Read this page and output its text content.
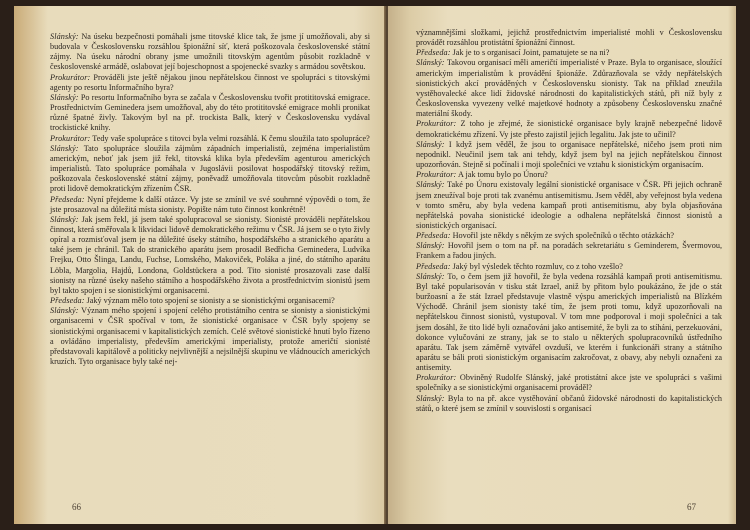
Slánský: Na úseku bezpečnosti pomáhali jsme titovské klice tak, že jsme jí umožňovali, aby si budovala v Československu rozsáhlou špionážní síť, která poškozovala československé státní zájmy. Na úseku národní obrany jsme umožnili titovským agentům působit rozkladně v československé armádě, oslabovat její bojeschopnost a spojenecké svazky s armádou sovětskou.

Prokurátor: Prováděli jste ještě nějakou jinou nepřátelskou činnost ve spolupráci s titovskými agenty po resortu Informačního byra?

Slánský: Po resortu Informačního byra se začala v Československu tvořit protititovská emigrace. Prostřednictvím Geminedera jsem umožňoval, aby do této protititovské emigrace mohli pronikat různé špatné živly. Takovým byl na př. trockista Balk, který v Československu vydával trockistické knihy.

Prokurátor: Tedy vaše spolupráce s titovci byla velmi rozsáhlá. K čemu sloužila tato spolupráce?

Slánský: Tato spolupráce sloužila zájmům západních imperialistů, zejména imperialistům americkým, neboť jak jsem již řekl, titovská klika byla především agenturou amerických imperialistů. Tato spolupráce pomáhala v Jugoslávii posilovat hospodářský titovský režim, poškozovala československé státní zájmy, poněvadž umožňovala titovcům působit rozkladně proti lidově demokratickým zřízením ČSR.

Předseda: Nyní přejdeme k další otázce. Vy jste se zmínil ve své souhrnné výpovědi o tom, že jste prosazoval na důležitá místa sionisty. Popište nám tuto činnost konkrétně!

Slánský: Jak jsem řekl, já jsem také spolupracoval se sionisty. Sionisté prováděli nepřátelskou činnost, která směřovala k likvidaci lidově demokratického režimu v ČSR. Já jsem se o tyto živly opíral a rozmisťoval jsem je na důležité úseky státního, hospodářského a stranického aparátu a také jsem je chránil. Tak do stranického aparátu jsem prosadil Bedřicha Geminedera, Ludvíka Frejku, Otto Šlinga, Landu, Fuchse, Lomského, Makoviček, Poláka a jiné, do státního aparátu Löbla, Margolia, Hajdů, Londona, Goldstückera a pod. Tito sionisté prosazovali zase další sionisty na různé úseky našeho státního a hospodářského života a prostřednictvím sionistů jsem byl takto spojen i se sionistickými organisacemi.

Předseda: Jaký význam mělo toto spojení se sionisty a se sionistickými organisacemi?

Slánský: Význam mého spojení i spojení celého protistátního centra se sionisty a sionistickými organisacemi v ČSR spočíval v tom, že sionistické organisace v ČSR byly spojeny se sionistickými organisacemi v kapitalistických zemích. Celé světové sionistické hnutí bylo řízeno a ovládáno imperialisty, především americkými imperialisty, protože američtí sionisté představovali kapitálově a politicky nejvlivnější a nejsilnější skupinu ve vládnoucích amerických kruzích. Tyto organisace byly také nej-

66

významnějšími složkami, jejichž prostřednictvím imperialisté mohli v Československu provádět rozsáhlou protistátní špionážní činnost.

Předseda: Jak je to s organisací Joint, pamatujete se na ni?

Slánský: Takovou organisací měli američtí imperialisté v Praze. Byla to organisace, sloužící americkým imperialistům k provádění špionáže. Zdůrazňovala se vždy nepřátelských sionistických akcí prováděných v Československu sionisty. Tak na příklad zneužila vystěhovalecké akce lidí židovské národnosti do kapitalistických států, při níž byly z Československa vyvezeny velké majetkové hodnoty a způsobeny Československu značné materiální škody.

Prokurátor: Z toho je zřejmé, že sionistické organisace byly krajně nebezpečné lidově demokratickému zřízení. Vy jste přesto zajistil jejich legalitu. Jak jste to učinil?

Slánský: I když jsem věděl, že jsou to organisace nepřátelské, ničeho jsem proti nim nepodnikl. Neučinil jsem tak ani tehdy, když jsem byl na jejich nepřátelskou činnost upozorňován. Stejně si počínali i moji společníci ve vztahu k sionistickým organisacím.

Prokurátor: A jak tomu bylo po Únoru?

Slánský: Také po Únoru existovaly legální sionistické organisace v ČSR. Při jejich ochraně jsem zneužíval boje proti tak zvanému antisemitismu. Jsem věděl, aby veřejnost byla vedena v tomto směru, aby byla vedena kampaň proti antisemitismu, aby byla objasňována nepřátelská povaha sionistické ideologie a odhalena nepřátelská činnost sionistů a sionistických organisací.

Předseda: Hovořil jste někdy s někým ze svých společníků o těchto otázkách?

Slánský: Hovořil jsem o tom na př. na poradách sekretariátu s Geminderem, Švermovou, Frankem a řadou jiných.

Předseda: Jaký byl výsledek těchto rozmluv, co z toho vzešlo?

Slánský: To, o čem jsem již hovořil, že byla vedena rozsáhlá kampaň proti antisemitismu. Byl také popularisován v tisku stát Izrael, aniž by přitom bylo poukázáno, že jde o stát buržoasní a že stát Izrael představuje vlastně výspu amerických imperialistů na Blízkém Východě. Chránil jsem sionisty také tím, že jsem proti tomu, když upozorňovali na nepřátelskou činnost sionistů, vystupoval. V tom mne podporoval i moji společníci a tak jsem dosáhl, že tito lidé byli označováni jako antisemité, že byli za to stíháni, perzekuováni, dokonce vylučováni ze strany, jak se to stalo u některých spolupracovníků ústředního aparátu. Tak jsem záměrně vytvářel ovzduší, ve kterém i funkcionáři strany a státního aparátu se báli proti sionistickým organisacím zakročovat, z obavy, aby nebyli označeni za antisemity.

Prokurátor: Obviněný Rudolfe Slánský, jaké protistátní akce jste ve spolupráci s vašimi společníky a se sionistickými organisacemi prováděl?

Slánský: Byla to na př. akce vystěhování občanů židovské národnosti do kapitalistických států, o které jsem se zmínil v souvislosti s organisací

67
